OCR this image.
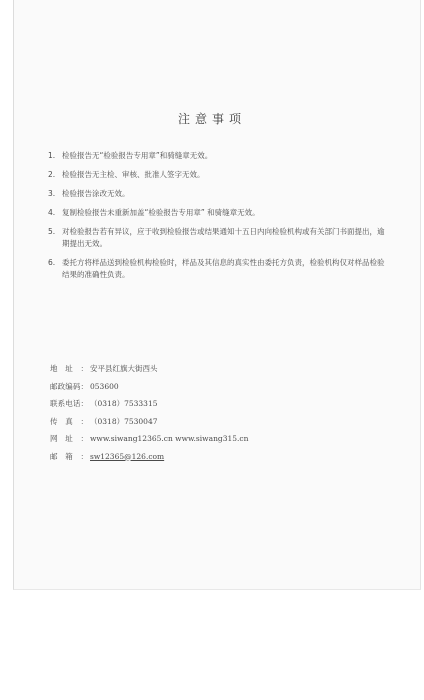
注意事项
1. 检验报告无“检验报告专用章”和骑缝章无效。
2. 检验报告无主检、审核、批准人签字无效。
3. 检验报告涂改无效。
4. 复制检验报告未重新加盖“检验报告专用章” 和骑缝章无效。
5. 对检验报告若有异议，应于收到检验报告或结果通知十五日内向检验机构或有关部门书面提出，逾期提出无效。
6. 委托方将样品送到检验机构检验时，样品及其信息的真实性由委托方负责，检验机构仅对样品检验结果的准确性负责。
地址： 安平县红旗大街西头
邮政编码： 053600
联系电话： （0318）7533315
传真： （0318）7530047
网址： www.siwang12365.cn www.siwang315.cn
邮箱： sw12365@126.com
